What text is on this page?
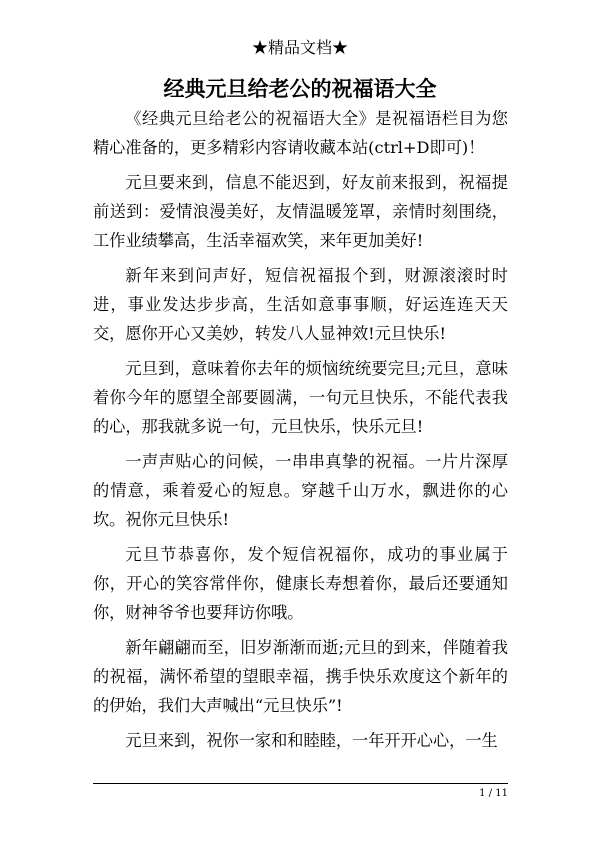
★精品文档★
经典元旦给老公的祝福语大全

《经典元旦给老公的祝福语大全》是祝福语栏目为您精心准备的，更多精彩内容请收藏本站(ctrl+D即可)！

元旦要来到，信息不能迟到，好友前来报到，祝福提前送到：爱情浪漫美好，友情温暖笼罩，亲情时刻围绕，工作业绩攀高，生活幸福欢笑，来年更加美好!

新年来到问声好，短信祝福报个到，财源滚滚时时进，事业发达步步高，生活如意事事顺，好运连连天天交，愿你开心又美妙，转发八人显神效!元旦快乐!

元旦到，意味着你去年的烦恼统统要完旦;元旦，意味着你今年的愿望全部要圆满，一句元旦快乐，不能代表我的心，那我就多说一句，元旦快乐，快乐元旦!

一声声贴心的问候，一串串真挚的祝福。一片片深厚的情意，乘着爱心的短息。穿越千山万水，飘进你的心坎。祝你元旦快乐!

元旦节恭喜你，发个短信祝福你，成功的事业属于你，开心的笑容常伴你，健康长寿想着你，最后还要通知你，财神爷爷也要拜访你哦。

新年翩翩而至，旧岁渐渐而逝;元旦的到来，伴随着我的祝福，满怀希望的望眼幸福，携手快乐欢度这个新年的的伊始，我们大声喊出“元旦快乐”!

元旦来到，祝你一家和和睦睦，一年开开心心，一生

1 / 11
